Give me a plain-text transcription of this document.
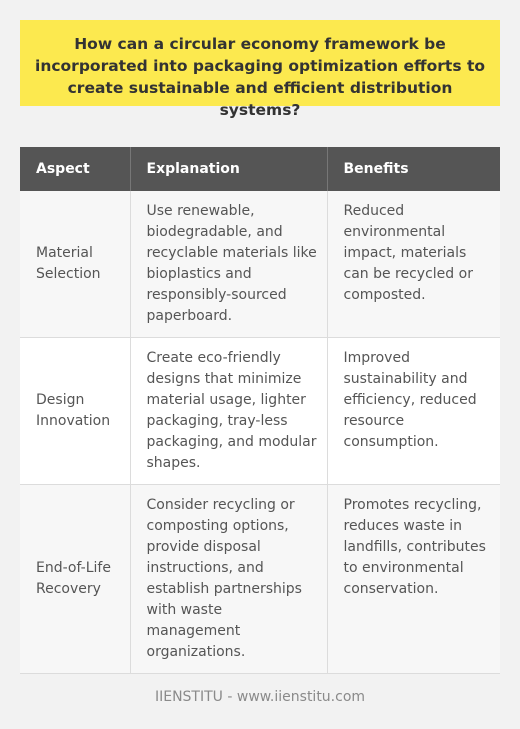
How can a circular economy framework be incorporated into packaging optimization efforts to create sustainable and efficient distribution systems?

Aspect	Explanation	Benefits
Material Selection	Use renewable, biodegradable, and recyclable materials like bioplastics and responsibly-sourced paperboard.	Reduced environmental impact, materials can be recycled or composted.
Design Innovation	Create eco-friendly designs that minimize material usage, lighter packaging, tray-less packaging, and modular shapes.	Improved sustainability and efficiency, reduced resource consumption.
End-of-Life Recovery	Consider recycling or composting options, provide disposal instructions, and establish partnerships with waste management organizations.	Promotes recycling, reduces waste in landfills, contributes to environmental conservation.
IIENSTITU - www.iienstitu.com
